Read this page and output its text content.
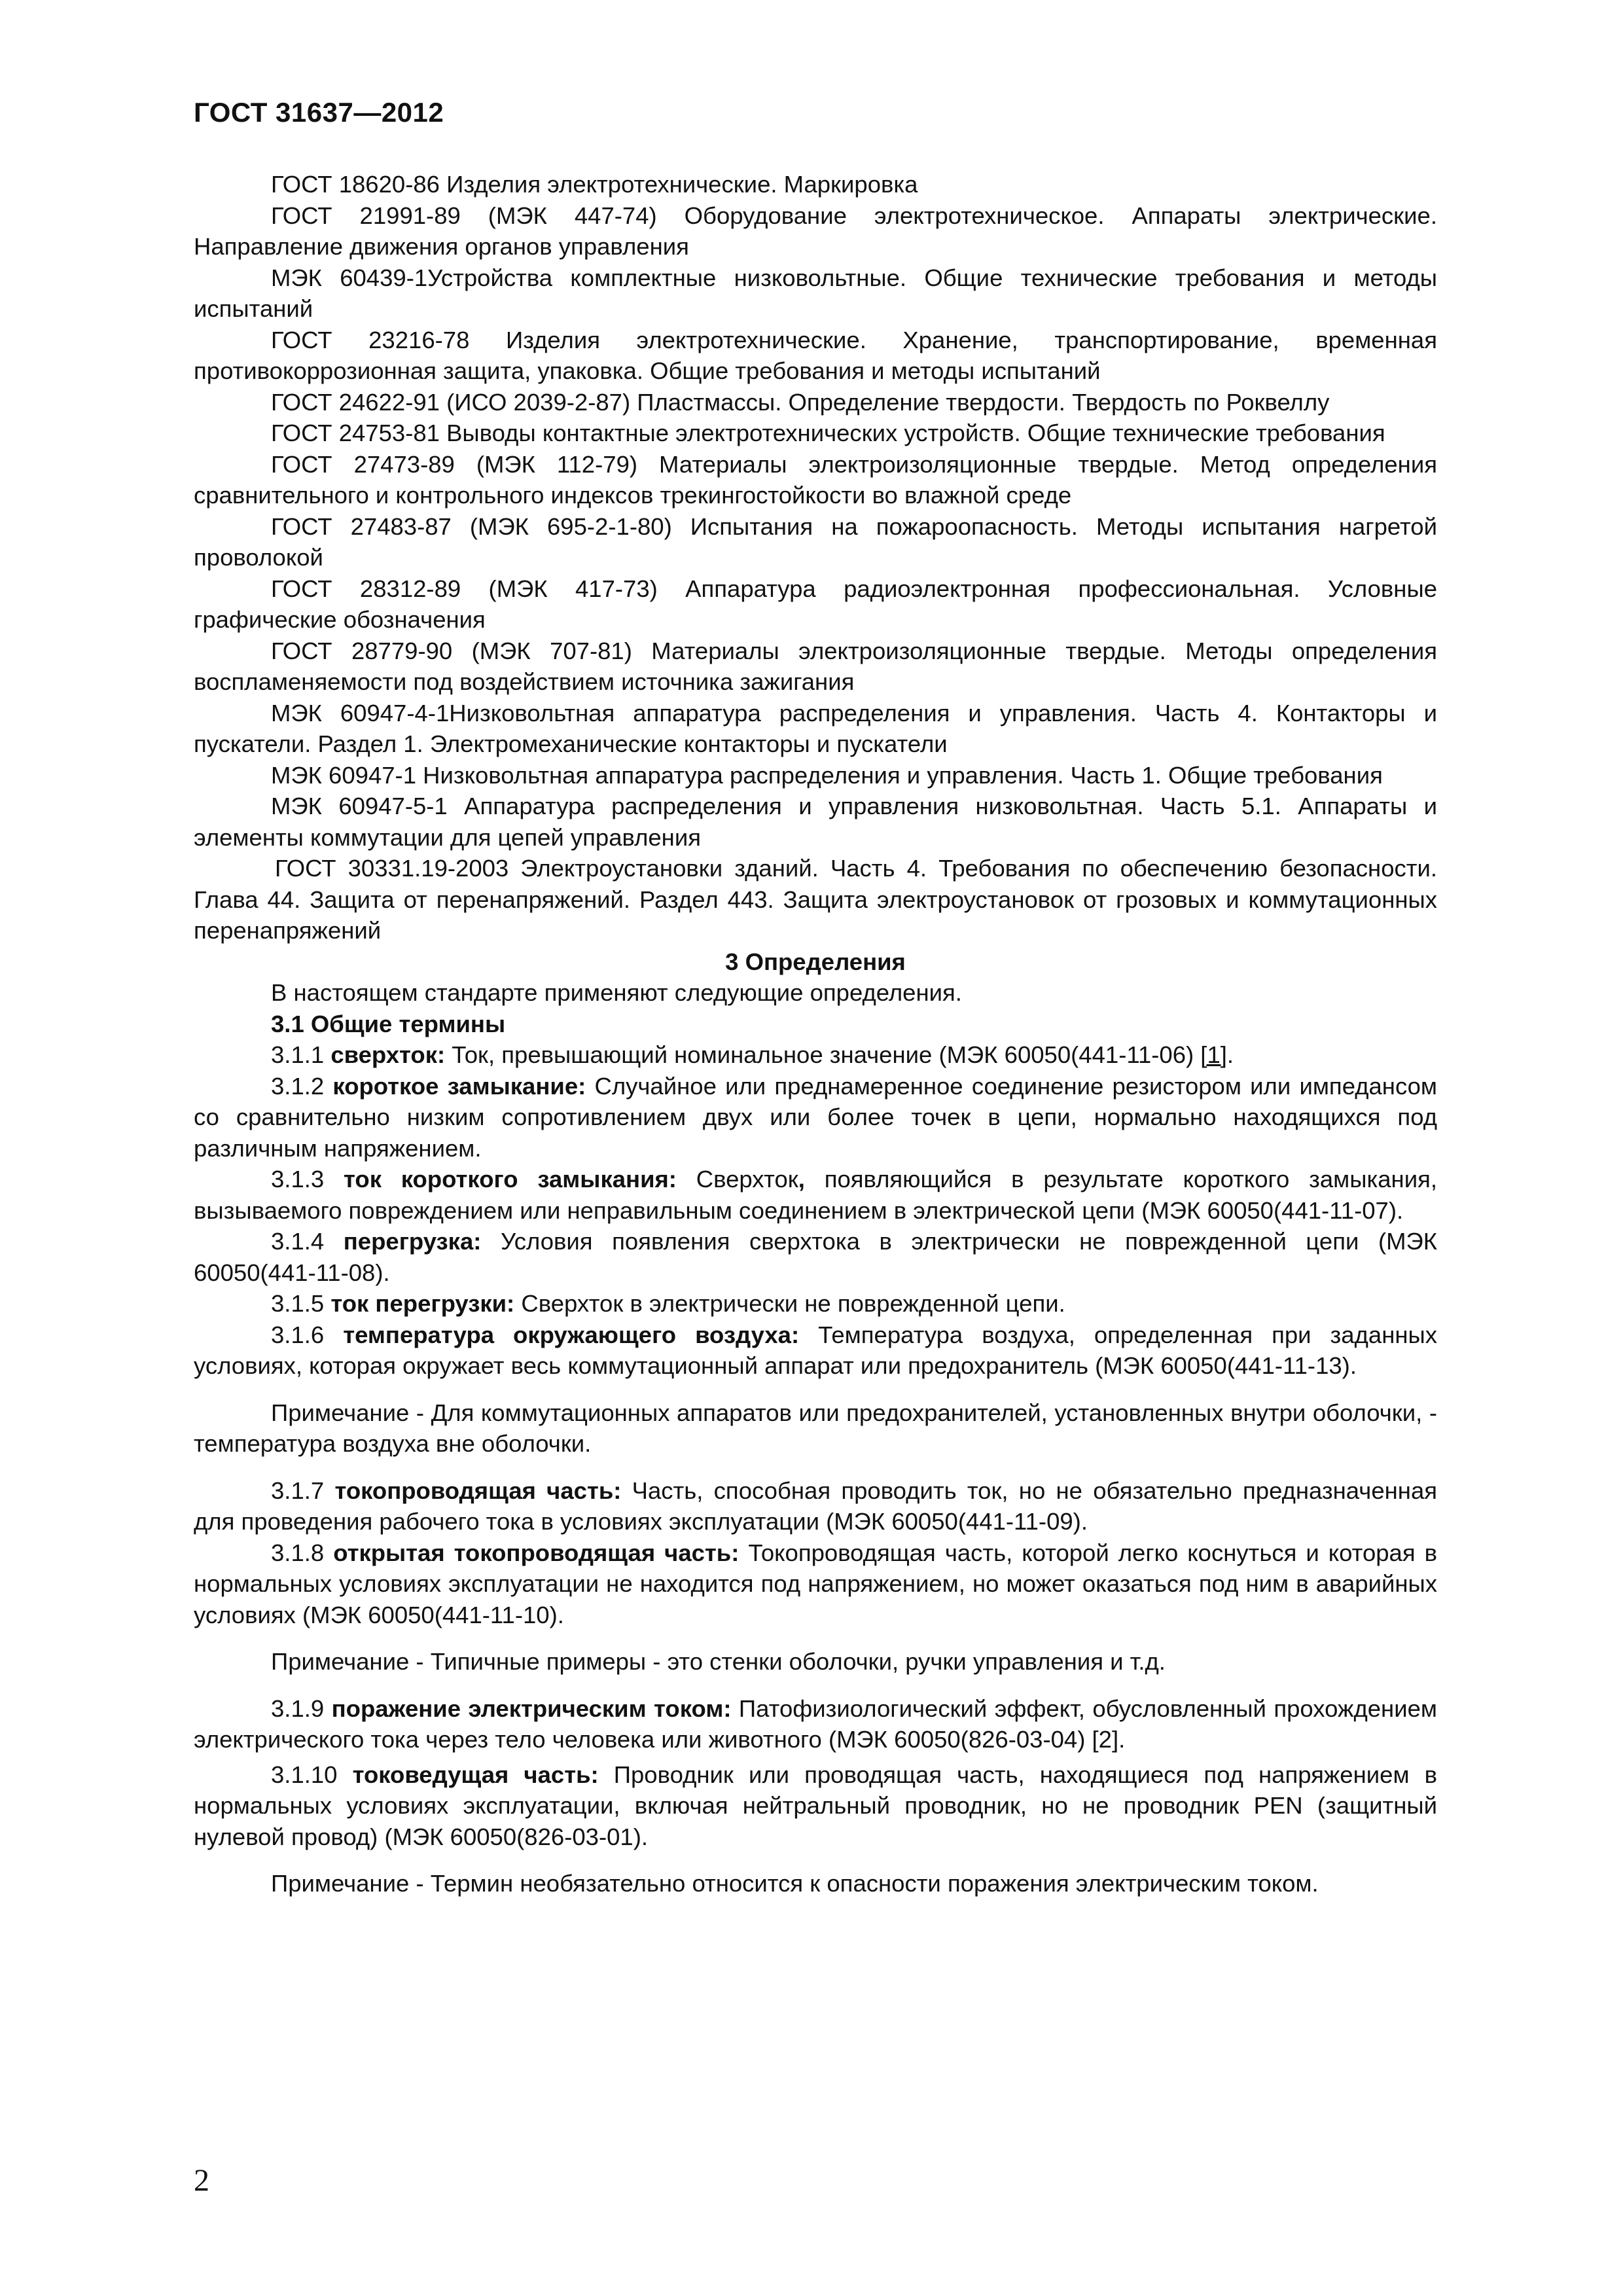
ГОСТ 31637—2012

ГОСТ 18620-86 Изделия электротехнические. Маркировка

ГОСТ 21991-89 (МЭК 447-74) Оборудование электротехническое. Аппараты электрические. Направление движения органов управления

МЭК 60439-1Устройства комплектные низковольтные. Общие технические требования и методы испытаний

ГОСТ 23216-78 Изделия электротехнические. Хранение, транспортирование, временная противокоррозионная защита, упаковка. Общие требования и методы испытаний

ГОСТ 24622-91 (ИСО 2039-2-87) Пластмассы. Определение твердости. Твердость по Роквеллу

ГОСТ 24753-81 Выводы контактные электротехнических устройств. Общие технические требования

ГОСТ 27473-89 (МЭК 112-79) Материалы электроизоляционные твердые. Метод определения сравнительного и контрольного индексов трекингостойкости во влажной среде

ГОСТ 27483-87 (МЭК 695-2-1-80) Испытания на пожароопасность. Методы испытания нагретой проволокой

ГОСТ 28312-89 (МЭК 417-73) Аппаратура радиоэлектронная профессиональная. Условные графические обозначения

ГОСТ 28779-90 (МЭК 707-81) Материалы электроизоляционные твердые. Методы определения воспламеняемости под воздействием источника зажигания

МЭК 60947-4-1Низковольтная аппаратура распределения и управления. Часть 4. Контакторы и пускатели. Раздел 1. Электромеханические контакторы и пускатели

МЭК 60947-1 Низковольтная аппаратура распределения и управления. Часть 1. Общие требования

МЭК 60947-5-1 Аппаратура распределения и управления низковольтная. Часть 5.1. Аппараты и элементы коммутации для цепей управления

ГОСТ 30331.19-2003 Электроустановки зданий. Часть 4. Требования по обеспечению безопасности. Глава 44. Защита от перенапряжений. Раздел 443. Защита электроустановок от грозовых и коммутационных перенапряжений

3 Определения

В настоящем стандарте применяют следующие определения.

3.1 Общие термины

3.1.1 сверхток: Ток, превышающий номинальное значение (МЭК 60050(441-11-06) [1].

3.1.2 короткое замыкание: Случайное или преднамеренное соединение резистором или импедансом со сравнительно низким сопротивлением двух или более точек в цепи, нормально находящихся под различным напряжением.

3.1.3 ток короткого замыкания: Сверхток, появляющийся в результате короткого замыкания, вызываемого повреждением или неправильным соединением в электрической цепи (МЭК 60050(441-11-07).

3.1.4 перегрузка: Условия появления сверхтока в электрически не поврежденной цепи (МЭК 60050(441-11-08).

3.1.5 ток перегрузки: Сверхток в электрически не поврежденной цепи.

3.1.6 температура окружающего воздуха: Температура воздуха, определенная при заданных условиях, которая окружает весь коммутационный аппарат или предохранитель (МЭК 60050(441-11-13).

Примечание - Для коммутационных аппаратов или предохранителей, установленных внутри оболочки, - температура воздуха вне оболочки.

3.1.7 токопроводящая часть: Часть, способная проводить ток, но не обязательно предназначенная для проведения рабочего тока в условиях эксплуатации (МЭК 60050(441-11-09).

3.1.8 открытая токопроводящая часть: Токопроводящая часть, которой легко коснуться и которая в нормальных условиях эксплуатации не находится под напряжением, но может оказаться под ним в аварийных условиях (МЭК 60050(441-11-10).

Примечание - Типичные примеры - это стенки оболочки, ручки управления и т.д.

3.1.9 поражение электрическим током: Патофизиологический эффект, обусловленный прохождением электрического тока через тело человека или животного (МЭК 60050(826-03-04) [2].

3.1.10 токоведущая часть: Проводник или проводящая часть, находящиеся под напряжением в нормальных условиях эксплуатации, включая нейтральный проводник, но не проводник PEN (защитный нулевой провод) (МЭК 60050(826-03-01).

Примечание - Термин необязательно относится к опасности поражения электрическим током.

2
